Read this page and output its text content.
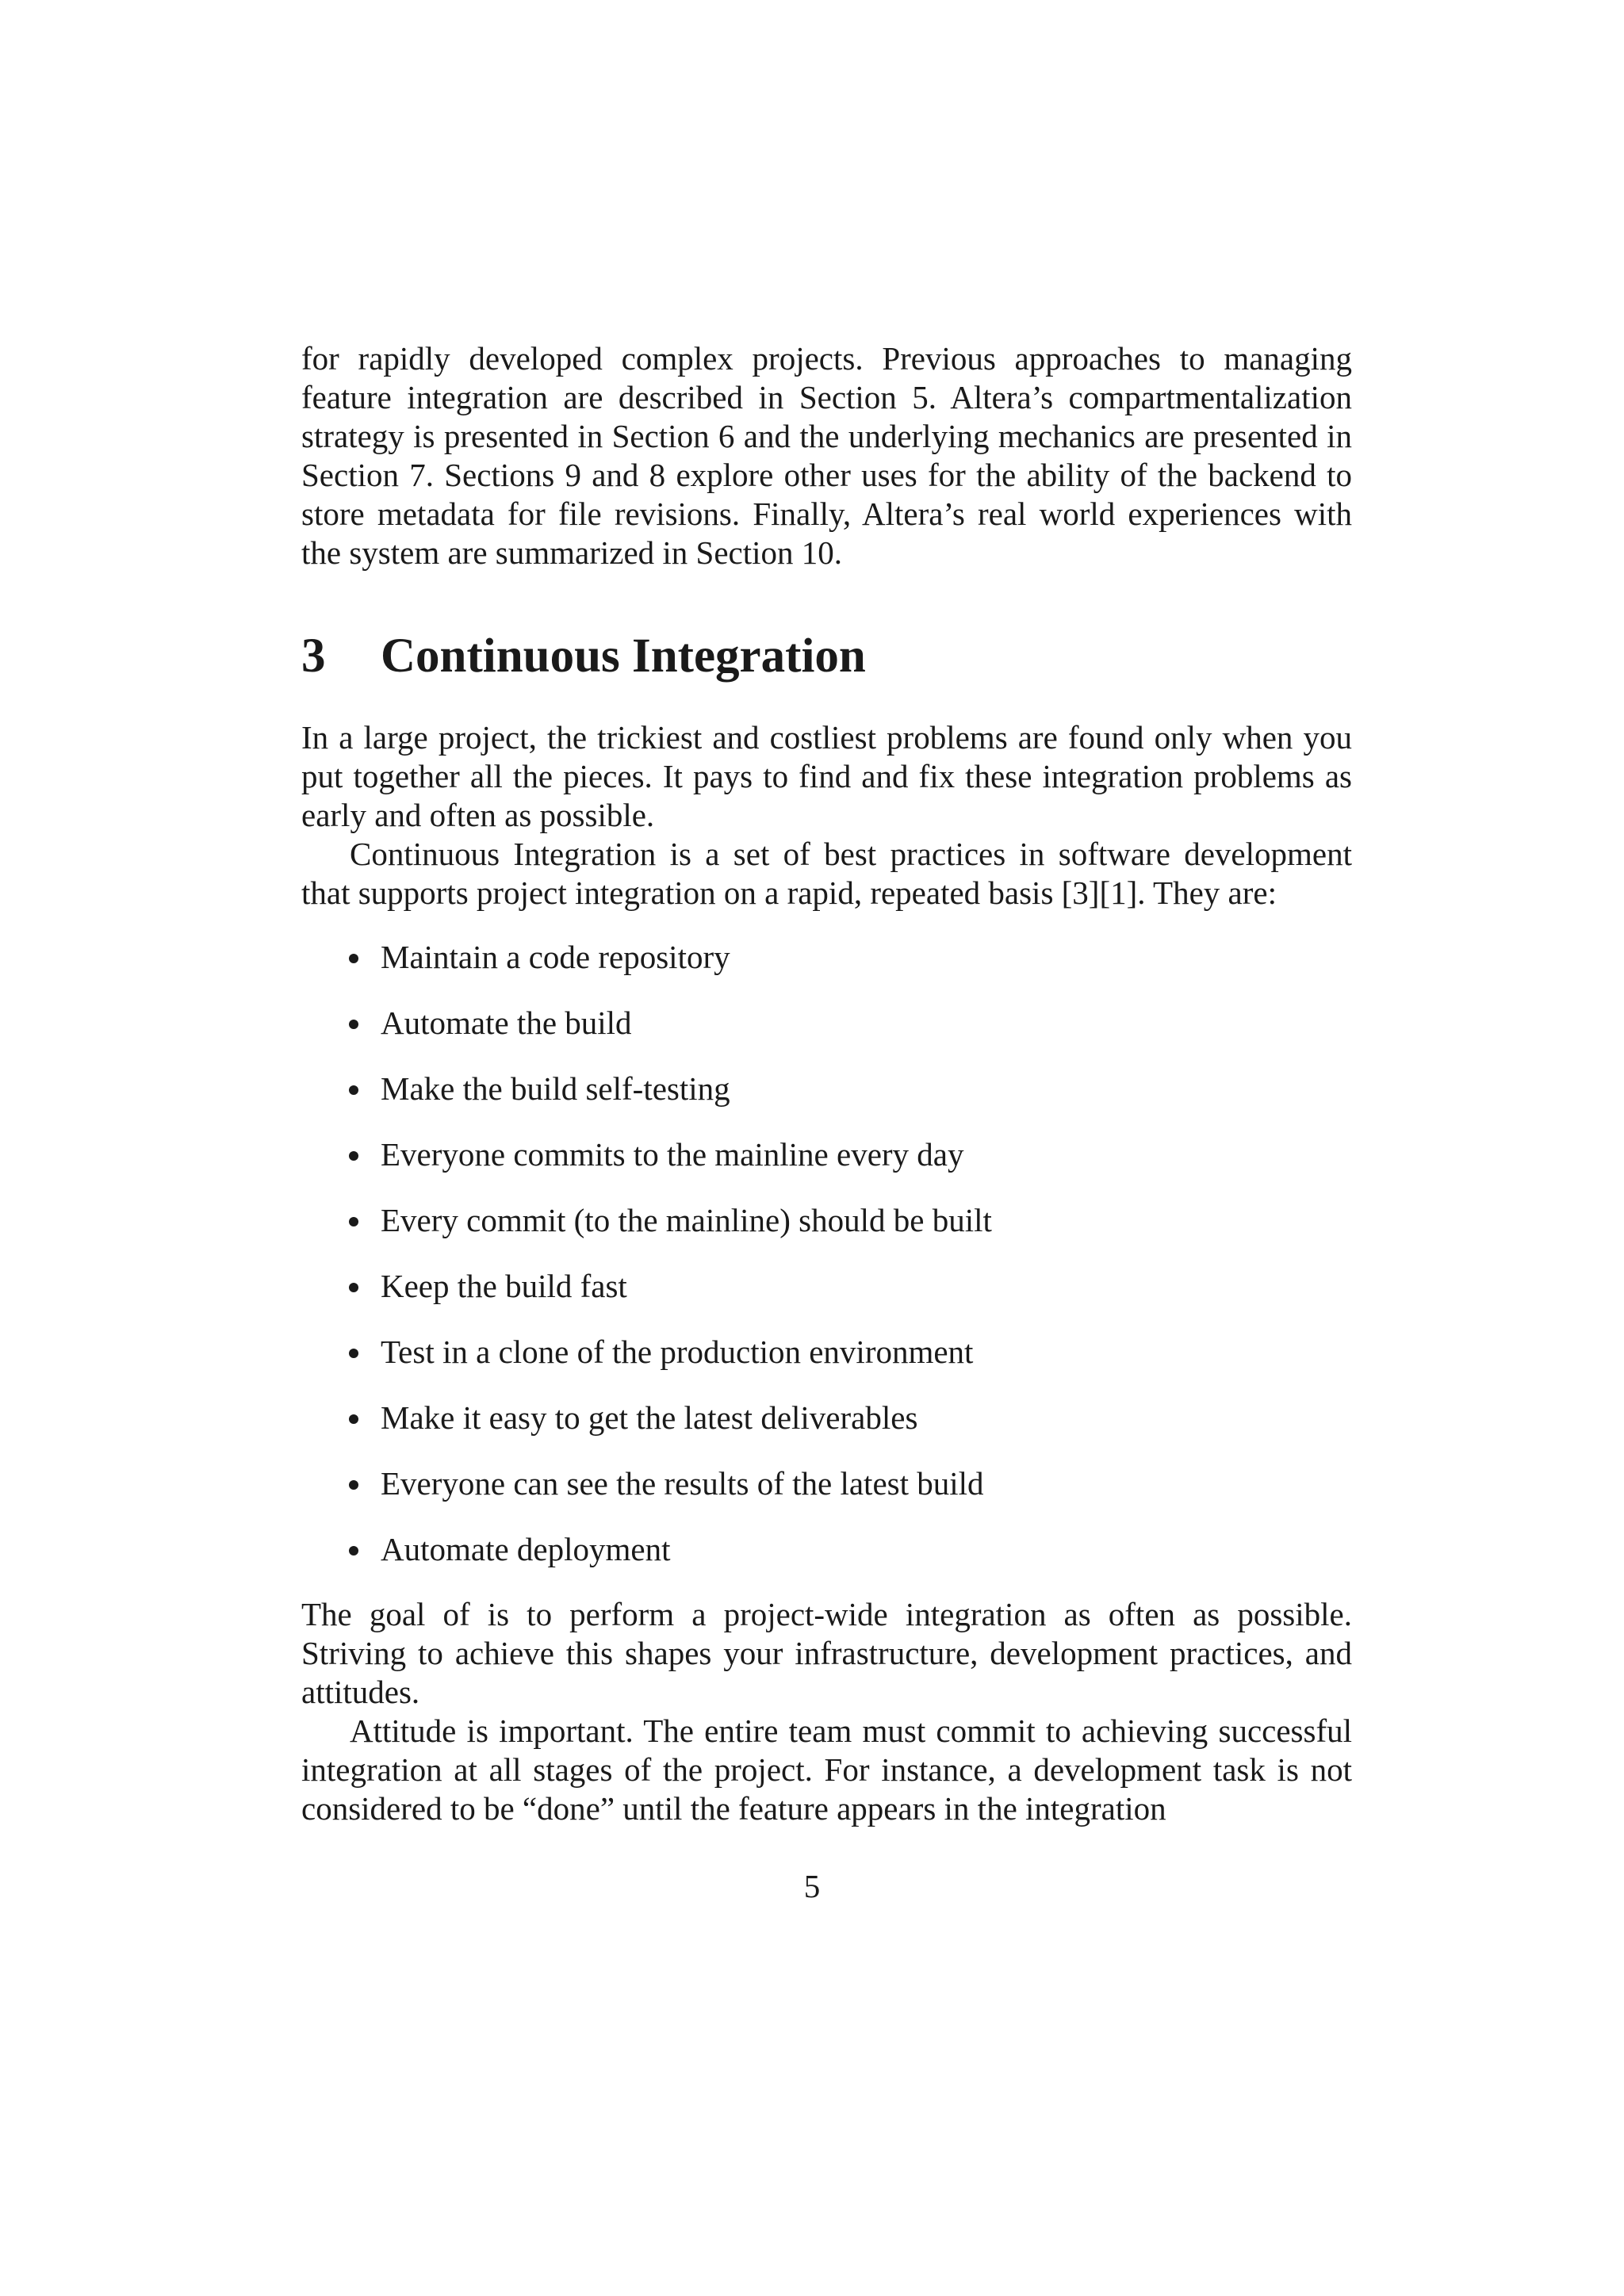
for rapidly developed complex projects. Previous approaches to managing feature integration are described in Section 5. Altera’s compartmentalization strategy is presented in Section 6 and the underlying mechanics are presented in Section 7. Sections 9 and 8 explore other uses for the ability of the backend to store metadata for file revisions. Finally, Altera’s real world experiences with the system are summarized in Section 10.

3 Continuous Integration

In a large project, the trickiest and costliest problems are found only when you put together all the pieces. It pays to find and fix these integration problems as early and often as possible.

Continuous Integration is a set of best practices in software development that supports project integration on a rapid, repeated basis [3][1]. They are:

Maintain a code repository
Automate the build
Make the build self-testing
Everyone commits to the mainline every day
Every commit (to the mainline) should be built
Keep the build fast
Test in a clone of the production environment
Make it easy to get the latest deliverables
Everyone can see the results of the latest build
Automate deployment

The goal of is to perform a project-wide integration as often as possible. Striving to achieve this shapes your infrastructure, development practices, and attitudes.

Attitude is important. The entire team must commit to achieving successful integration at all stages of the project. For instance, a development task is not considered to be “done” until the feature appears in the integration

5
